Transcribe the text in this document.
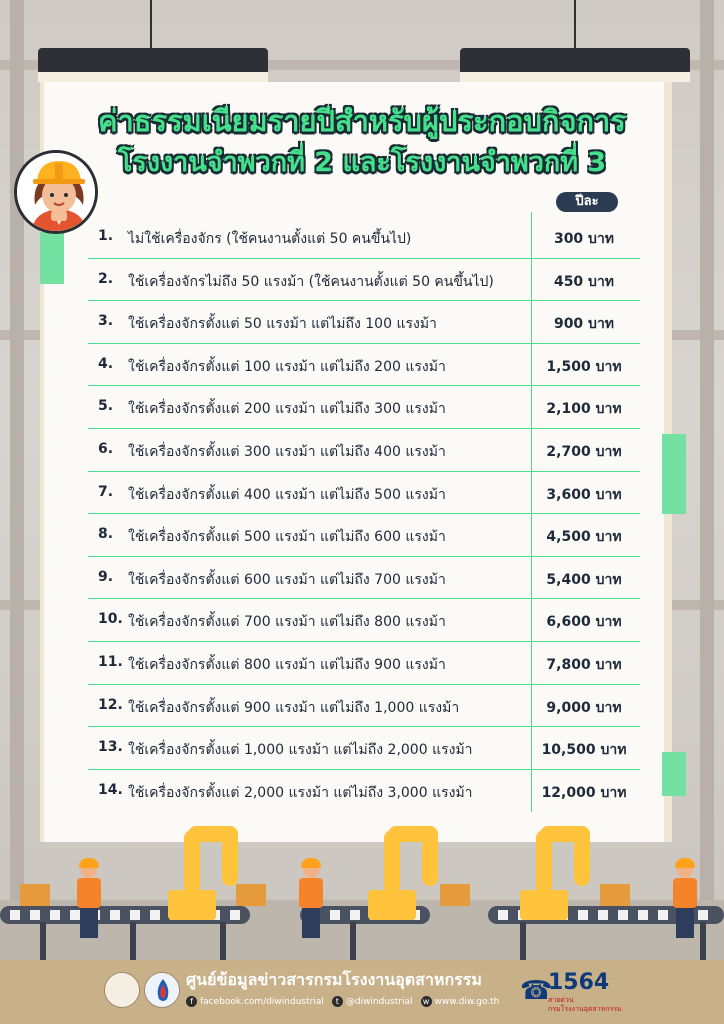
ค่าธรรมเนียมรายปีสำหรับผู้ประกอบกิจการ
โรงงานจำพวกที่ 2 และโรงงานจำพวกที่ 3
ปีละ
1. ไม่ใช้เครื่องจักร (ใช้คนงานตั้งแต่ 50 คนขึ้นไป)	300 บาท
2. ใช้เครื่องจักรไม่ถึง 50 แรงม้า (ใช้คนงานตั้งแต่ 50 คนขึ้นไป)	450 บาท
3. ใช้เครื่องจักรตั้งแต่ 50 แรงม้า แต่ไม่ถึง 100 แรงม้า	900 บาท
4. ใช้เครื่องจักรตั้งแต่ 100 แรงม้า แต่ไม่ถึง 200 แรงม้า	1,500 บาท
5. ใช้เครื่องจักรตั้งแต่ 200 แรงม้า แต่ไม่ถึง 300 แรงม้า	2,100 บาท
6. ใช้เครื่องจักรตั้งแต่ 300 แรงม้า แต่ไม่ถึง 400 แรงม้า	2,700 บาท
7. ใช้เครื่องจักรตั้งแต่ 400 แรงม้า แต่ไม่ถึง 500 แรงม้า	3,600 บาท
8. ใช้เครื่องจักรตั้งแต่ 500 แรงม้า แต่ไม่ถึง 600 แรงม้า	4,500 บาท
9. ใช้เครื่องจักรตั้งแต่ 600 แรงม้า แต่ไม่ถึง 700 แรงม้า	5,400 บาท
10. ใช้เครื่องจักรตั้งแต่ 700 แรงม้า แต่ไม่ถึง 800 แรงม้า	6,600 บาท
11. ใช้เครื่องจักรตั้งแต่ 800 แรงม้า แต่ไม่ถึง 900 แรงม้า	7,800 บาท
12. ใช้เครื่องจักรตั้งแต่ 900 แรงม้า แต่ไม่ถึง 1,000 แรงม้า	9,000 บาท
13. ใช้เครื่องจักรตั้งแต่ 1,000 แรงม้า แต่ไม่ถึง 2,000 แรงม้า	10,500 บาท
14. ใช้เครื่องจักรตั้งแต่ 2,000 แรงม้า แต่ไม่ถึง 3,000 แรงม้า	12,000 บาท
ศูนย์ข้อมูลข่าวสารกรมโรงงานอุตสาหกรรม
f facebook.com/diwindustrial	t @diwindustrial w www.diw.go.th ☎
1564
สายด่วน
กรมโรงงานอุตสาหกรรม
